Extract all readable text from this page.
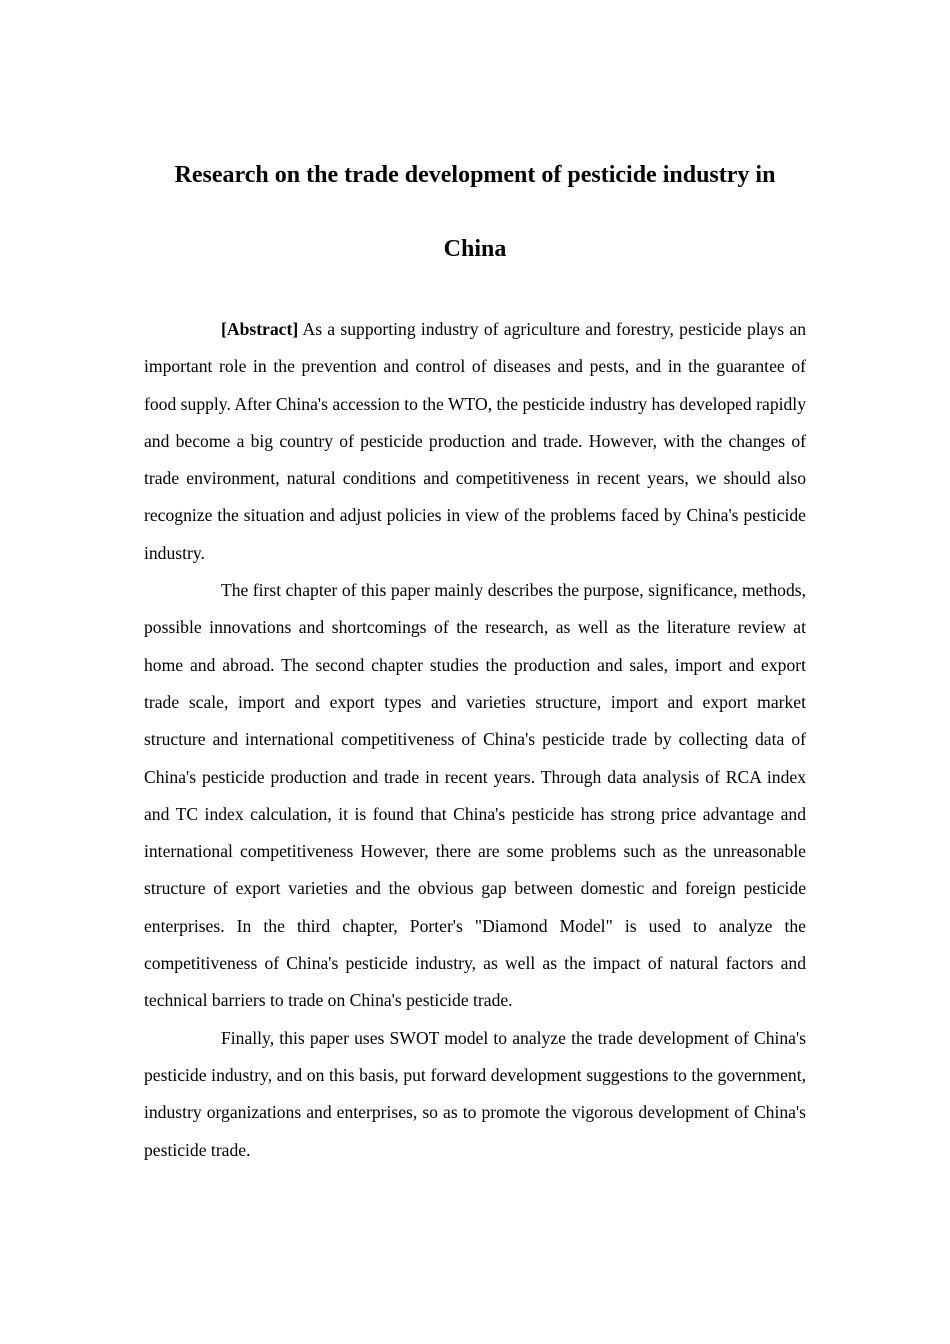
Research on the trade development of pesticide industry in
China

[Abstract] As a supporting industry of agriculture and forestry, pesticide plays an important role in the prevention and control of diseases and pests, and in the guarantee of food supply. After China's accession to the WTO, the pesticide industry has developed rapidly and become a big country of pesticide production and trade. However, with the changes of trade environment, natural conditions and competitiveness in recent years, we should also recognize the situation and adjust policies in view of the problems faced by China's pesticide industry.

The first chapter of this paper mainly describes the purpose, significance, methods, possible innovations and shortcomings of the research, as well as the literature review at home and abroad. The second chapter studies the production and sales, import and export trade scale, import and export types and varieties structure, import and export market structure and international competitiveness of China's pesticide trade by collecting data of China's pesticide production and trade in recent years. Through data analysis of RCA index and TC index calculation, it is found that China's pesticide has strong price advantage and international competitiveness However, there are some problems such as the unreasonable structure of export varieties and the obvious gap between domestic and foreign pesticide enterprises. In the third chapter, Porter's "Diamond Model" is used to analyze the competitiveness of China's pesticide industry, as well as the impact of natural factors and technical barriers to trade on China's pesticide trade.

Finally, this paper uses SWOT model to analyze the trade development of China's pesticide industry, and on this basis, put forward development suggestions to the government, industry organizations and enterprises, so as to promote the vigorous development of China's pesticide trade.
